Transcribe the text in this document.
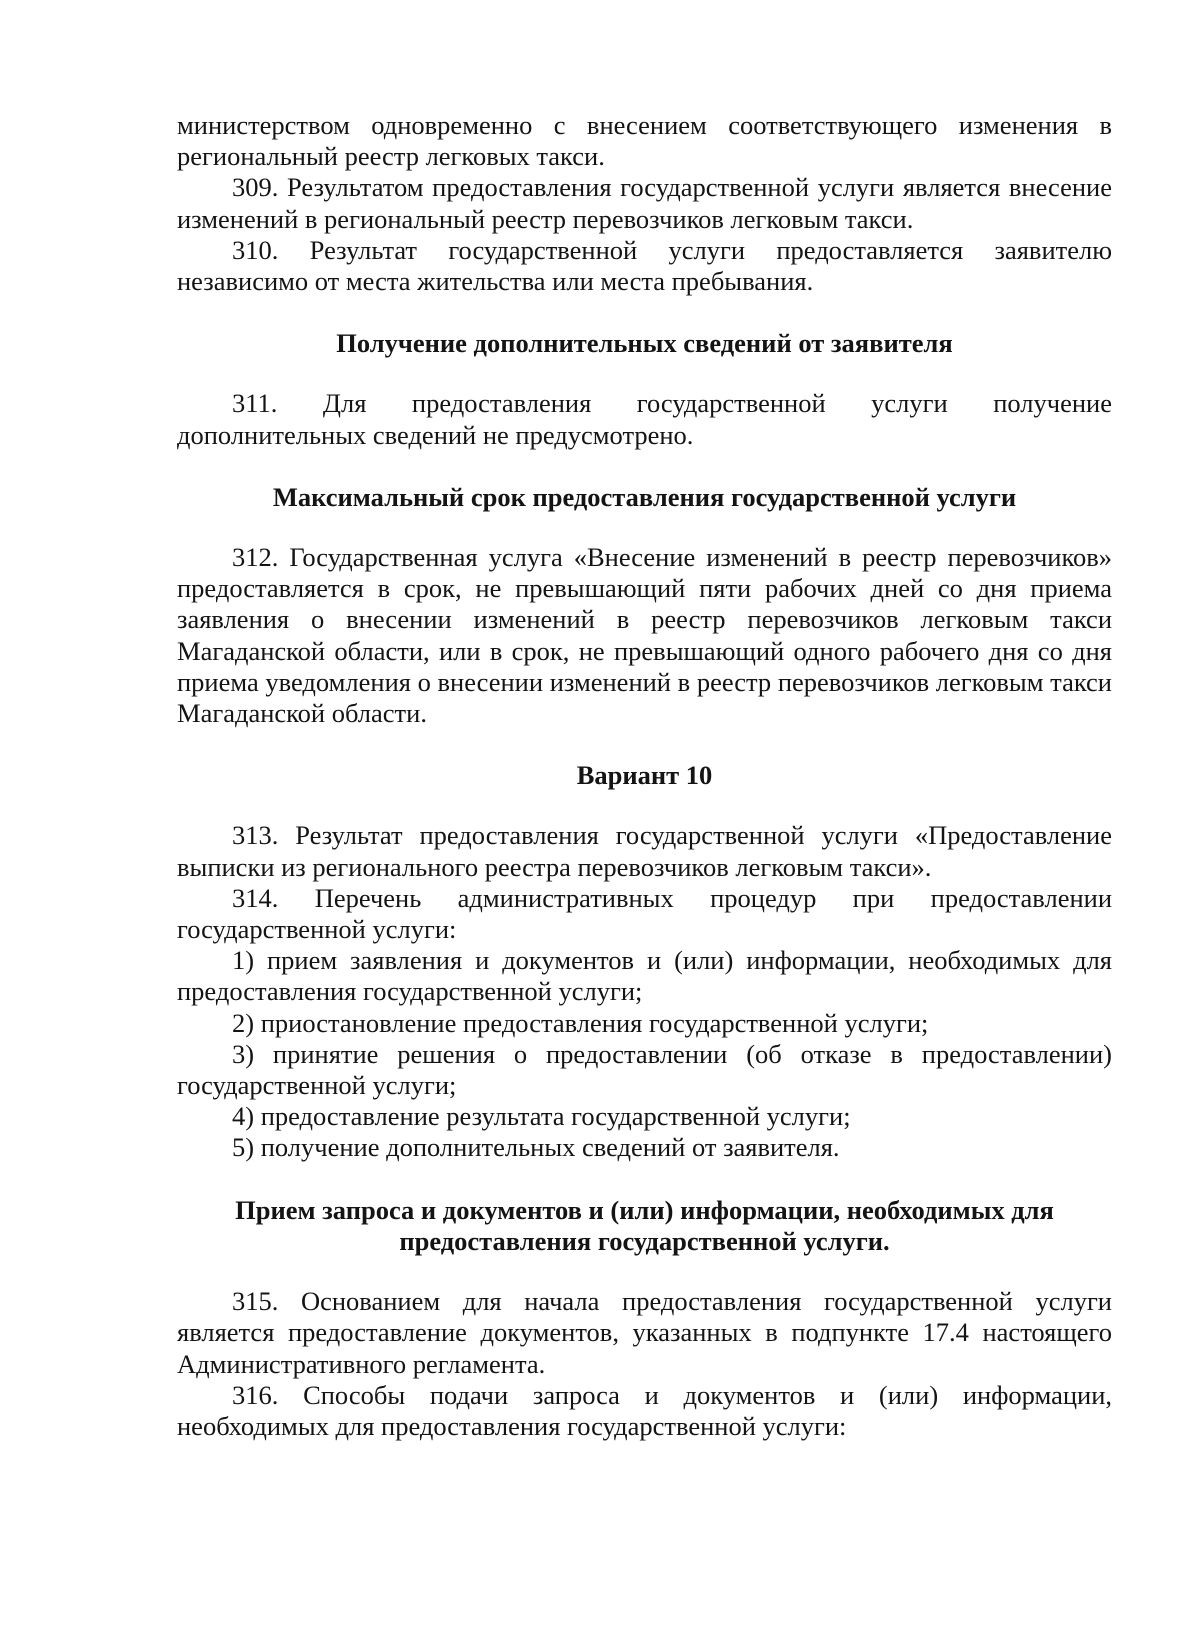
министерством одновременно с внесением соответствующего изменения в региональный реестр легковых такси.

309. Результатом предоставления государственной услуги является внесение изменений в региональный реестр перевозчиков легковым такси.

310. Результат государственной услуги предоставляется заявителю независимо от места жительства или места пребывания.

Получение дополнительных сведений от заявителя

311. Для предоставления государственной услуги получение дополнительных сведений не предусмотрено.

Максимальный срок предоставления государственной услуги

312. Государственная услуга «Внесение изменений в реестр перевозчиков» предоставляется в срок, не превышающий пяти рабочих дней со дня приема заявления о внесении изменений в реестр перевозчиков легковым такси Магаданской области, или в срок, не превышающий одного рабочего дня со дня приема уведомления о внесении изменений в реестр перевозчиков легковым такси Магаданской области.

Вариант 10

313. Результат предоставления государственной услуги «Предоставление выписки из регионального реестра перевозчиков легковым такси».

314. Перечень административных процедур при предоставлении государственной услуги:

1) прием заявления и документов и (или) информации, необходимых для предоставления государственной услуги;

2) приостановление предоставления государственной услуги;

3) принятие решения о предоставлении (об отказе в предоставлении) государственной услуги;

4) предоставление результата государственной услуги;

5) получение дополнительных сведений от заявителя.

Прием запроса и документов и (или) информации, необходимых для
предоставления государственной услуги.

315. Основанием для начала предоставления государственной услуги является предоставление документов, указанных в подпункте 17.4 настоящего Административного регламента.

316. Способы подачи запроса и документов и (или) информации, необходимых для предоставления государственной услуги:
